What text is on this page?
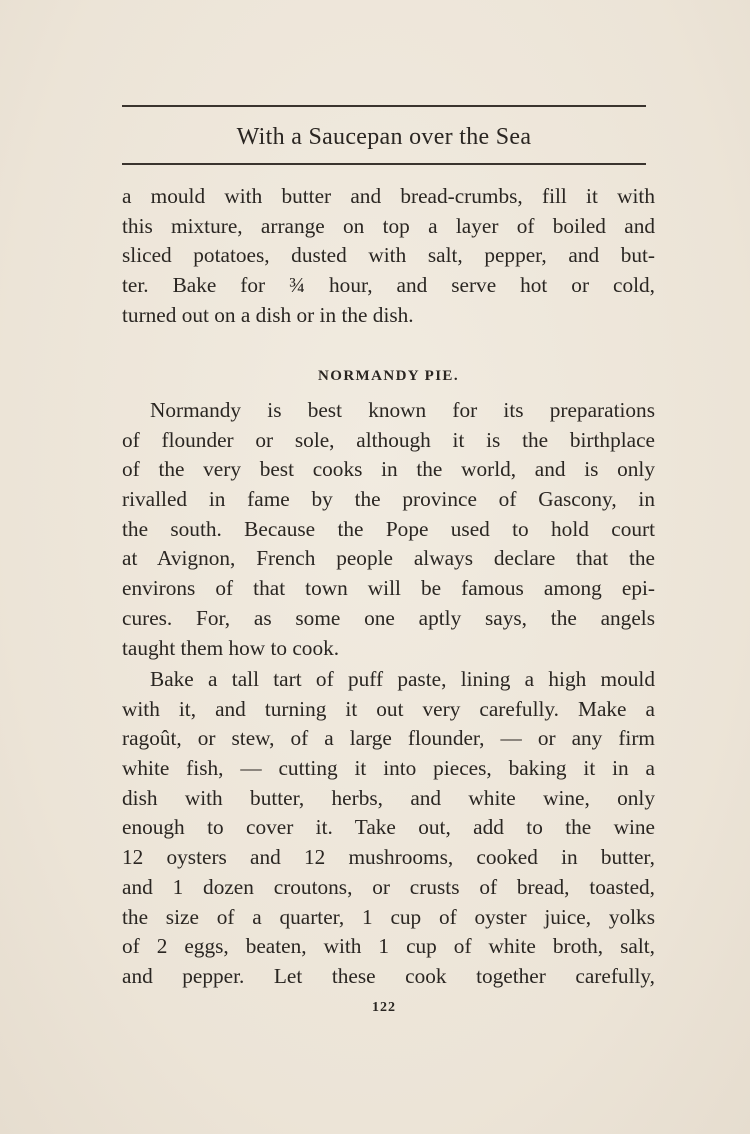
With a Saucepan over the Sea
a mould with butter and bread-crumbs, fill it with
this mixture, arrange on top a layer of boiled and
sliced potatoes, dusted with salt, pepper, and but-
ter. Bake for ¾ hour, and serve hot or cold,
turned out on a dish or in the dish.
NORMANDY PIE.
Normandy is best known for its preparations
of flounder or sole, although it is the birthplace
of the very best cooks in the world, and is only
rivalled in fame by the province of Gascony, in
the south. Because the Pope used to hold court
at Avignon, French people always declare that the
environs of that town will be famous among epi-
cures. For, as some one aptly says, the angels
taught them how to cook.
Bake a tall tart of puff paste, lining a high mould
with it, and turning it out very carefully. Make a
ragoût, or stew, of a large flounder, — or any firm
white fish, — cutting it into pieces, baking it in a
dish with butter, herbs, and white wine, only
enough to cover it. Take out, add to the wine
12 oysters and 12 mushrooms, cooked in butter,
and 1 dozen croutons, or crusts of bread, toasted,
the size of a quarter, 1 cup of oyster juice, yolks
of 2 eggs, beaten, with 1 cup of white broth, salt,
and pepper. Let these cook together carefully,
122
